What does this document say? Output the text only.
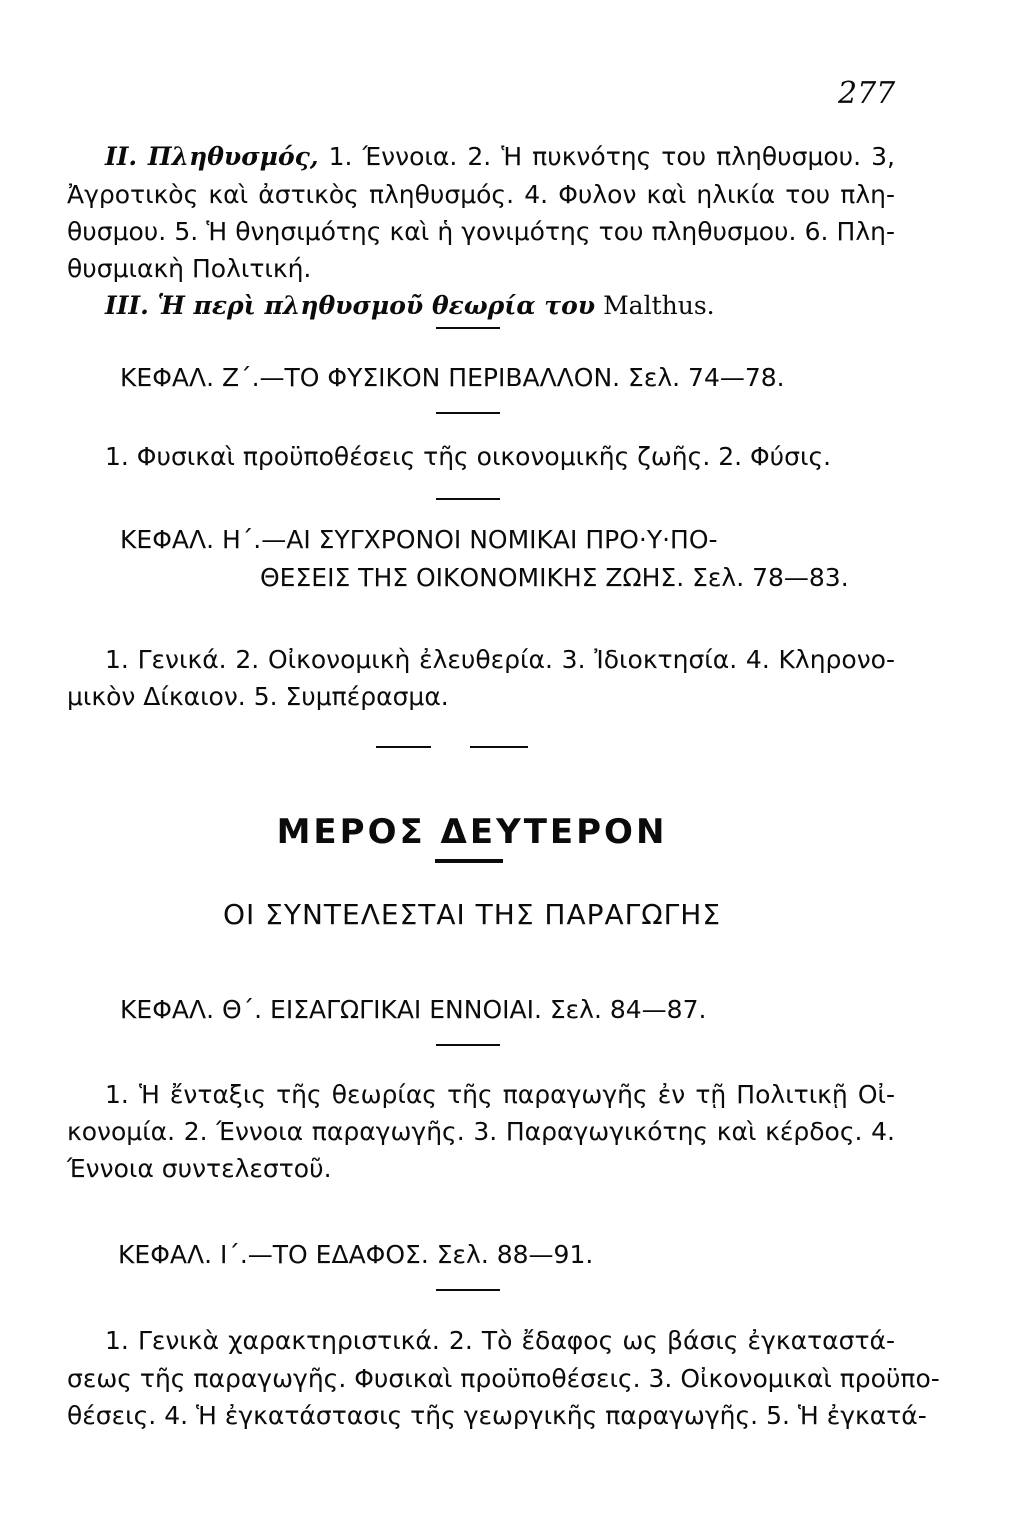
277
II. Πληθυσμός, 1. Έννοια. 2. Ἡ πυκνότης του πληθυσμου. 3,
Ἀγροτικὸς καὶ ἀστικὸς πληθυσμός. 4. Φυλον καὶ ηλικία του πλη-
θυσμου. 5. Ἡ θνησιμότης καὶ ἡ γονιμότης του πληθυσμου. 6. Πλη-
θυσμιακὴ Πολιτική.
III. Ἡ περὶ πληθυσμοῦ θεωρία του Malthus.
ΚΕΦΑΛ. Ζ΄.—ΤΟ ΦΥΣΙΚΟΝ ΠΕΡΙΒΑΛΛΟΝ. Σελ. 74—78.
1. Φυσικαὶ προϋποθέσεις τῆς οικονομικῆς ζωῆς. 2. Φύσις.
ΚΕΦΑΛ. Η΄.—ΑΙ ΣΥΓΧΡΟΝΟΙ ΝΟΜΙΚΑΙ ΠΡΟ·Υ·ΠΟ-
ΘΕΣΕΙΣ ΤΗΣ ΟΙΚΟΝΟΜΙΚΗΣ ΖΩΗΣ. Σελ. 78—83.
1. Γενικά. 2. Οἰκονομικὴ ἐλευθερία. 3. Ἰδιοκτησία. 4. Κληρονο-
μικὸν Δίκαιον. 5. Συμπέρασμα.
ΜΕΡΟΣ ΔΕΥΤΕΡΟΝ
ΟΙ ΣΥΝΤΕΛΕΣΤΑΙ ΤΗΣ ΠΑΡΑΓΩΓΗΣ
ΚΕΦΑΛ. Θ΄. ΕΙΣΑΓΩΓΙΚΑΙ ΕΝΝΟΙΑΙ. Σελ. 84—87.
1. Ἡ ἔνταξις τῆς θεωρίας τῆς παραγωγῆς ἐν τῇ Πολιτικῇ Οἰ-
κονομία. 2. Έννοια παραγωγῆς. 3. Παραγωγικότης καὶ κέρδος. 4.
Έννοια συντελεστοῦ.
ΚΕΦΑΛ. Ι΄.—ΤΟ ΕΔΑΦΟΣ. Σελ. 88—91.
1. Γενικὰ χαρακτηριστικά. 2. Τὸ ἔδαφος ως βάσις ἐγκαταστά-
σεως τῆς παραγωγῆς. Φυσικαὶ προϋποθέσεις. 3. Οἰκονομικαὶ προϋπο-
θέσεις. 4. Ἡ ἐγκατάστασις τῆς γεωργικῆς παραγωγῆς. 5. Ἡ ἐγκατά-
